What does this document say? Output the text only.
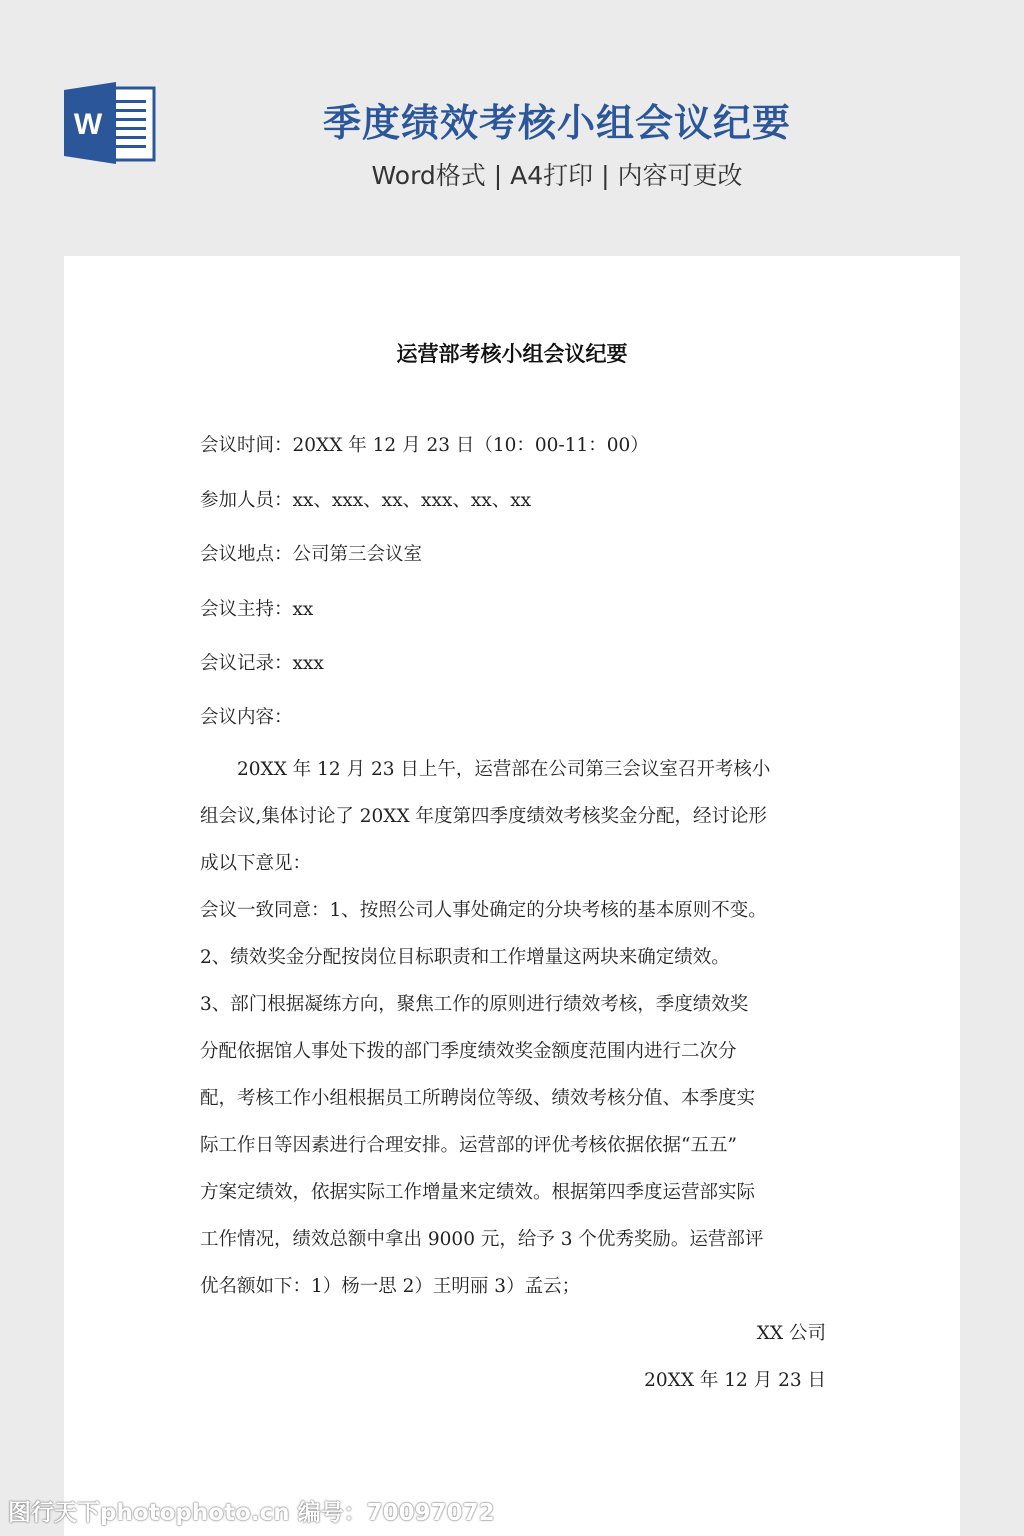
W	季度绩效考核小组会议纪要
Word格式 | A4打印 | 内容可更改
运营部考核小组会议纪要
会议时间：20XX 年 12 月 23 日（10：00-11：00）
参加人员：xx、xxx、xx、xxx、xx、xx
会议地点：公司第三会议室
会议主持：xx
会议记录：xxx
会议内容：
　　20XX 年 12 月 23 日上午，运营部在公司第三会议室召开考核小
组会议,集体讨论了 20XX 年度第四季度绩效考核奖金分配，经讨论形
成以下意见：
会议一致同意：1、按照公司人事处确定的分块考核的基本原则不变。
2、绩效奖金分配按岗位目标职责和工作增量这两块来确定绩效。
3、部门根据凝练方向，聚焦工作的原则进行绩效考核，季度绩效奖
分配依据馆人事处下拨的部门季度绩效奖金额度范围内进行二次分
配，考核工作小组根据员工所聘岗位等级、绩效考核分值、本季度实
际工作日等因素进行合理安排。运营部的评优考核依据依据“五五”
方案定绩效，依据实际工作增量来定绩效。根据第四季度运营部实际
工作情况，绩效总额中拿出 9000 元，给予 3 个优秀奖励。运营部评
优名额如下：1）杨一思 2）王明丽 3）孟云；
XX 公司
20XX 年 12 月 23 日
图行天下photophoto.cn 编号：70097072
